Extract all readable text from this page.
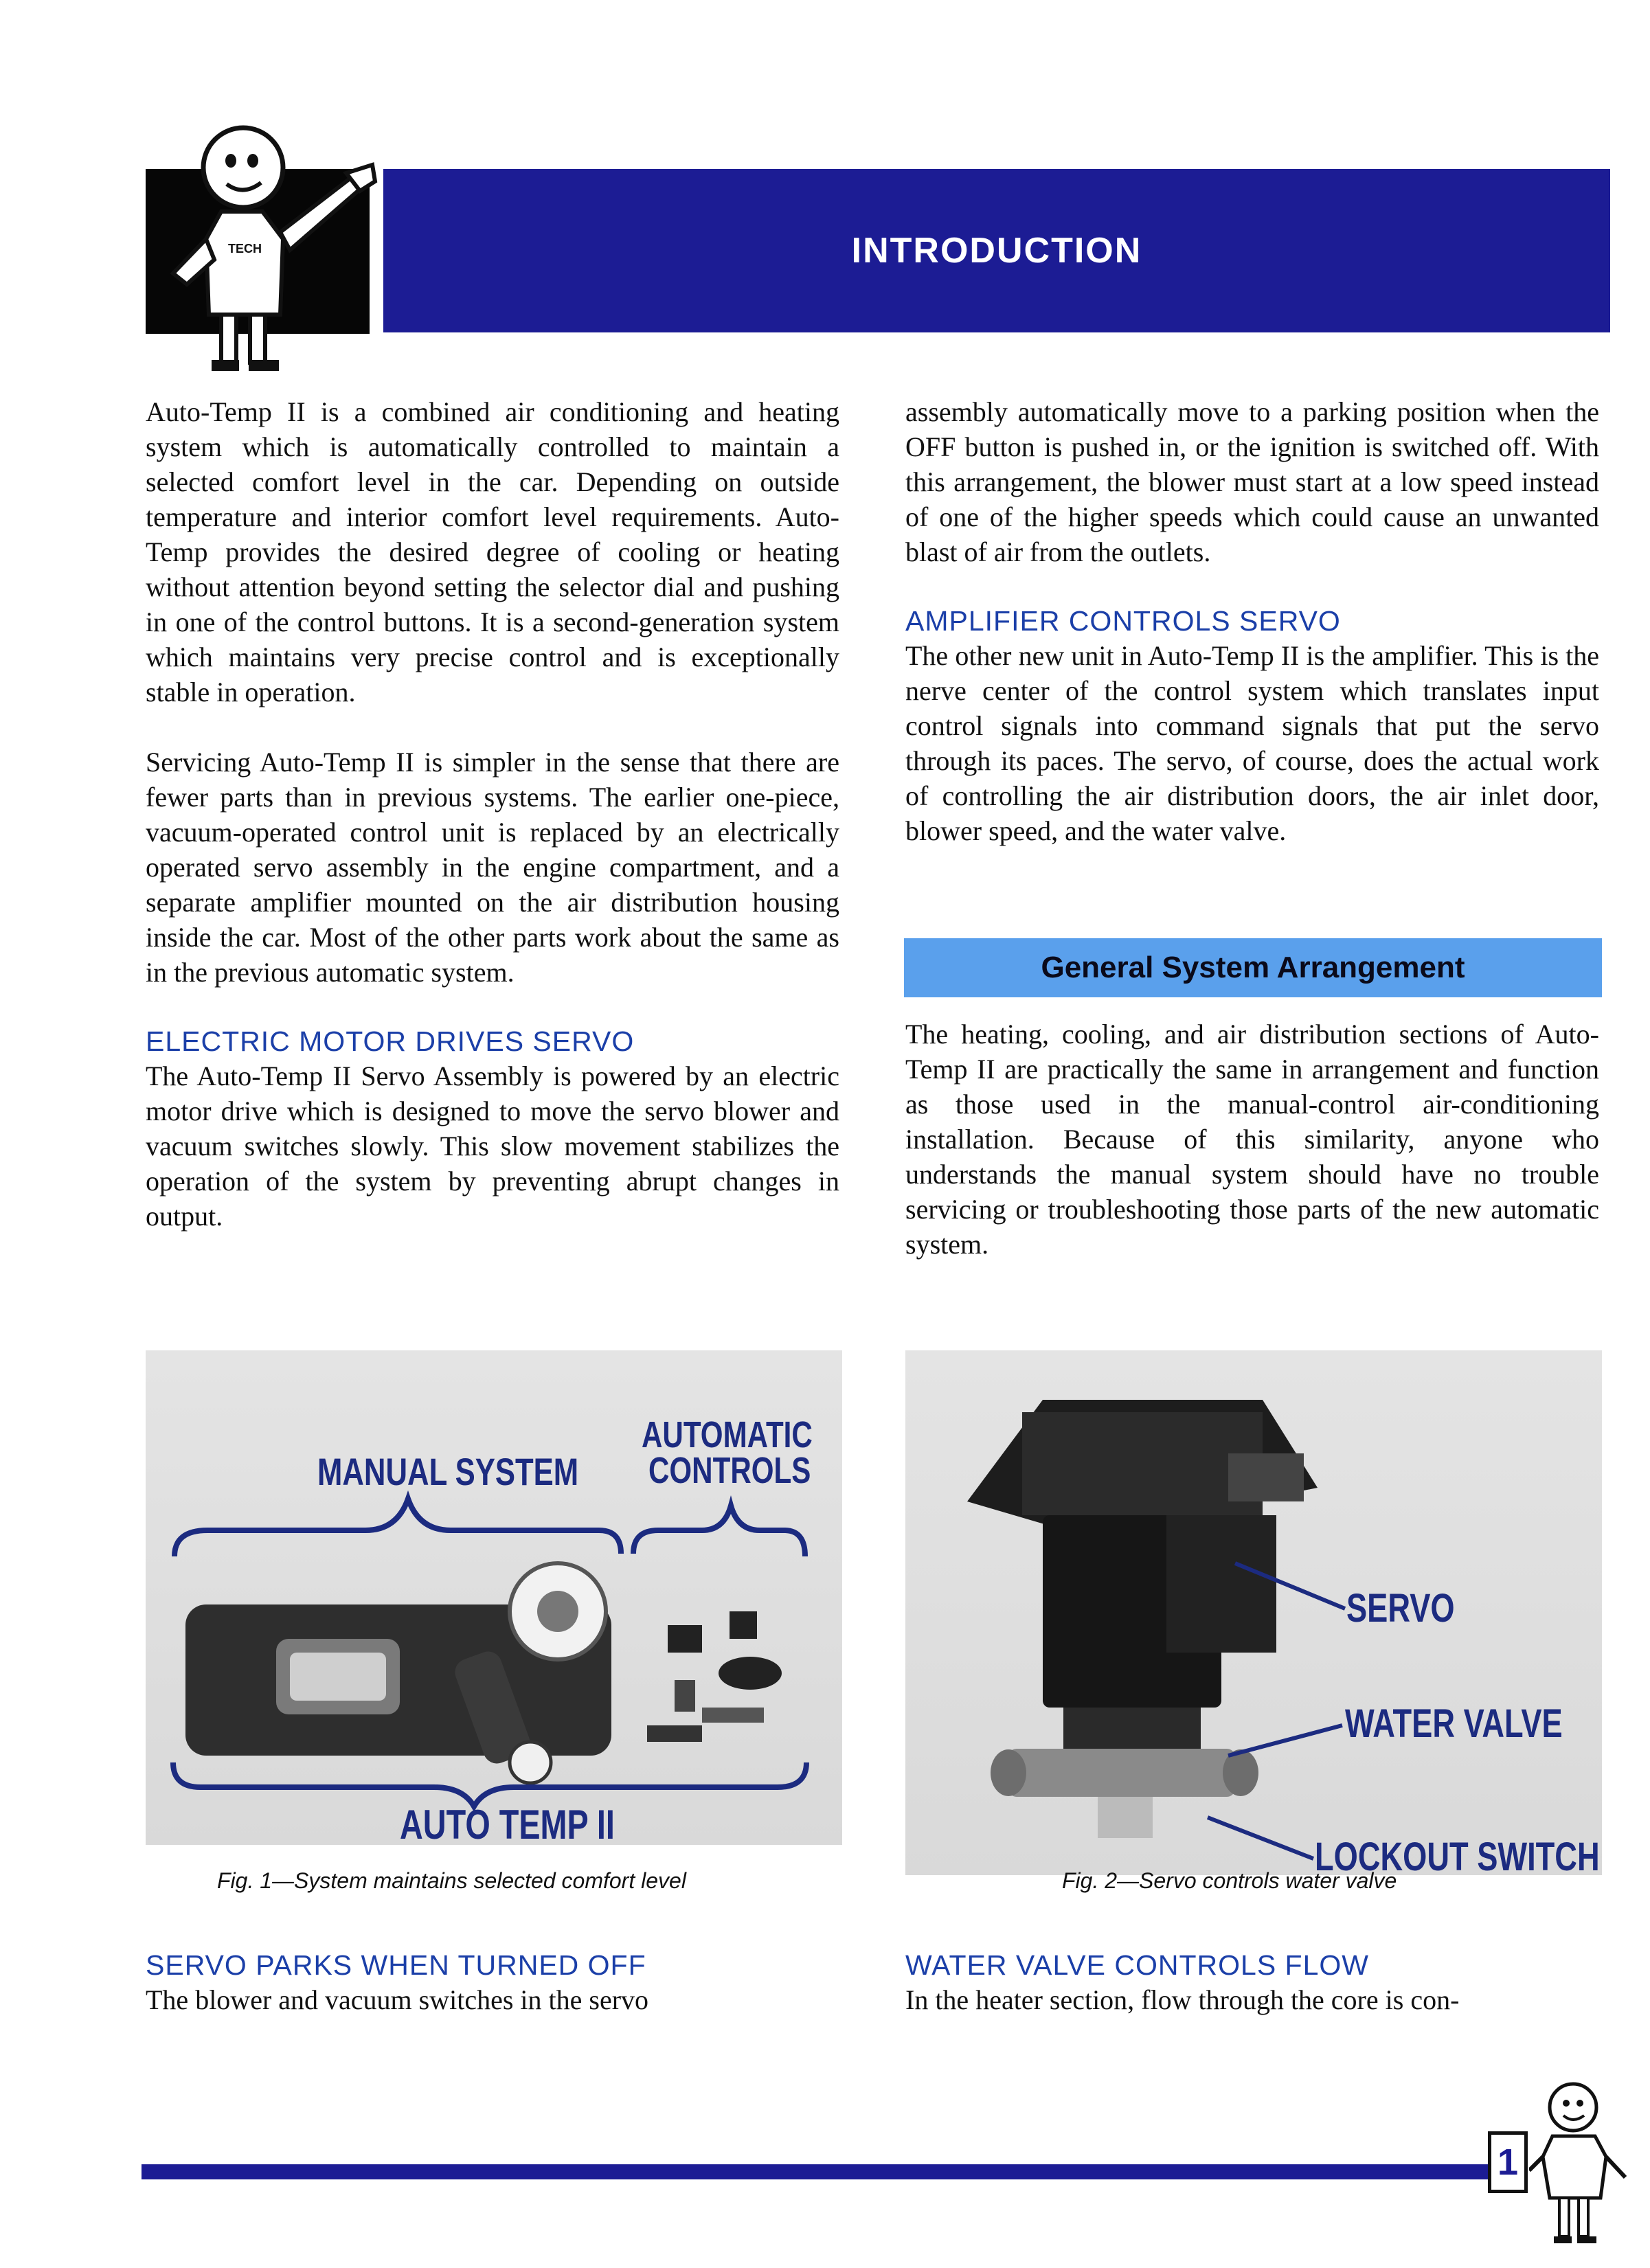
TECH	INTRODUCTION

Auto-Temp II is a combined air conditioning and heating system which is automatically controlled to maintain a selected comfort level in the car. Depending on outside temperature and interior comfort level requirements. Auto-Temp provides the desired degree of cooling or heating without attention beyond setting the selector dial and pushing in one of the control buttons. It is a second-generation system which maintains very precise control and is exceptionally stable in operation.

Servicing Auto-Temp II is simpler in the sense that there are fewer parts than in previous systems. The earlier one-piece, vacuum-operated control unit is replaced by an electrically operated servo assembly in the engine compartment, and a separate amplifier mounted on the air distribution housing inside the car. Most of the other parts work about the same as in the previous automatic system.

ELECTRIC MOTOR DRIVES SERVO

The Auto-Temp II Servo Assembly is powered by an electric motor drive which is designed to move the servo blower and vacuum switches slowly. This slow movement stabilizes the operation of the system by preventing abrupt changes in output.

assembly automatically move to a parking position when the OFF button is pushed in, or the ignition is switched off. With this arrangement, the blower must start at a low speed instead of one of the higher speeds which could cause an unwanted blast of air from the outlets.

AMPLIFIER CONTROLS SERVO

The other new unit in Auto-Temp II is the amplifier. This is the nerve center of the control system which translates input control signals into command signals that put the servo through its paces. The servo, of course, does the actual work of controlling the air distribution doors, the air inlet door, blower speed, and the water valve.

General System Arrangement

The heating, cooling, and air distribution sections of Auto-Temp II are practically the same in arrangement and function as those used in the manual-control air-conditioning installation. Because of this similarity, anyone who understands the manual system should have no trouble servicing or troubleshooting those parts of the new automatic system.

MANUAL SYSTEM
AUTOMATIC
CONTROLS
AUTO TEMP II
Fig. 1—System maintains selected comfort level
SERVO
WATER VALVE
LOCKOUT SWITCH
Fig. 2—Servo controls water valve

SERVO PARKS WHEN TURNED OFF

The blower and vacuum switches in the servo

WATER VALVE CONTROLS FLOW

In the heater section, flow through the core is con-

1
